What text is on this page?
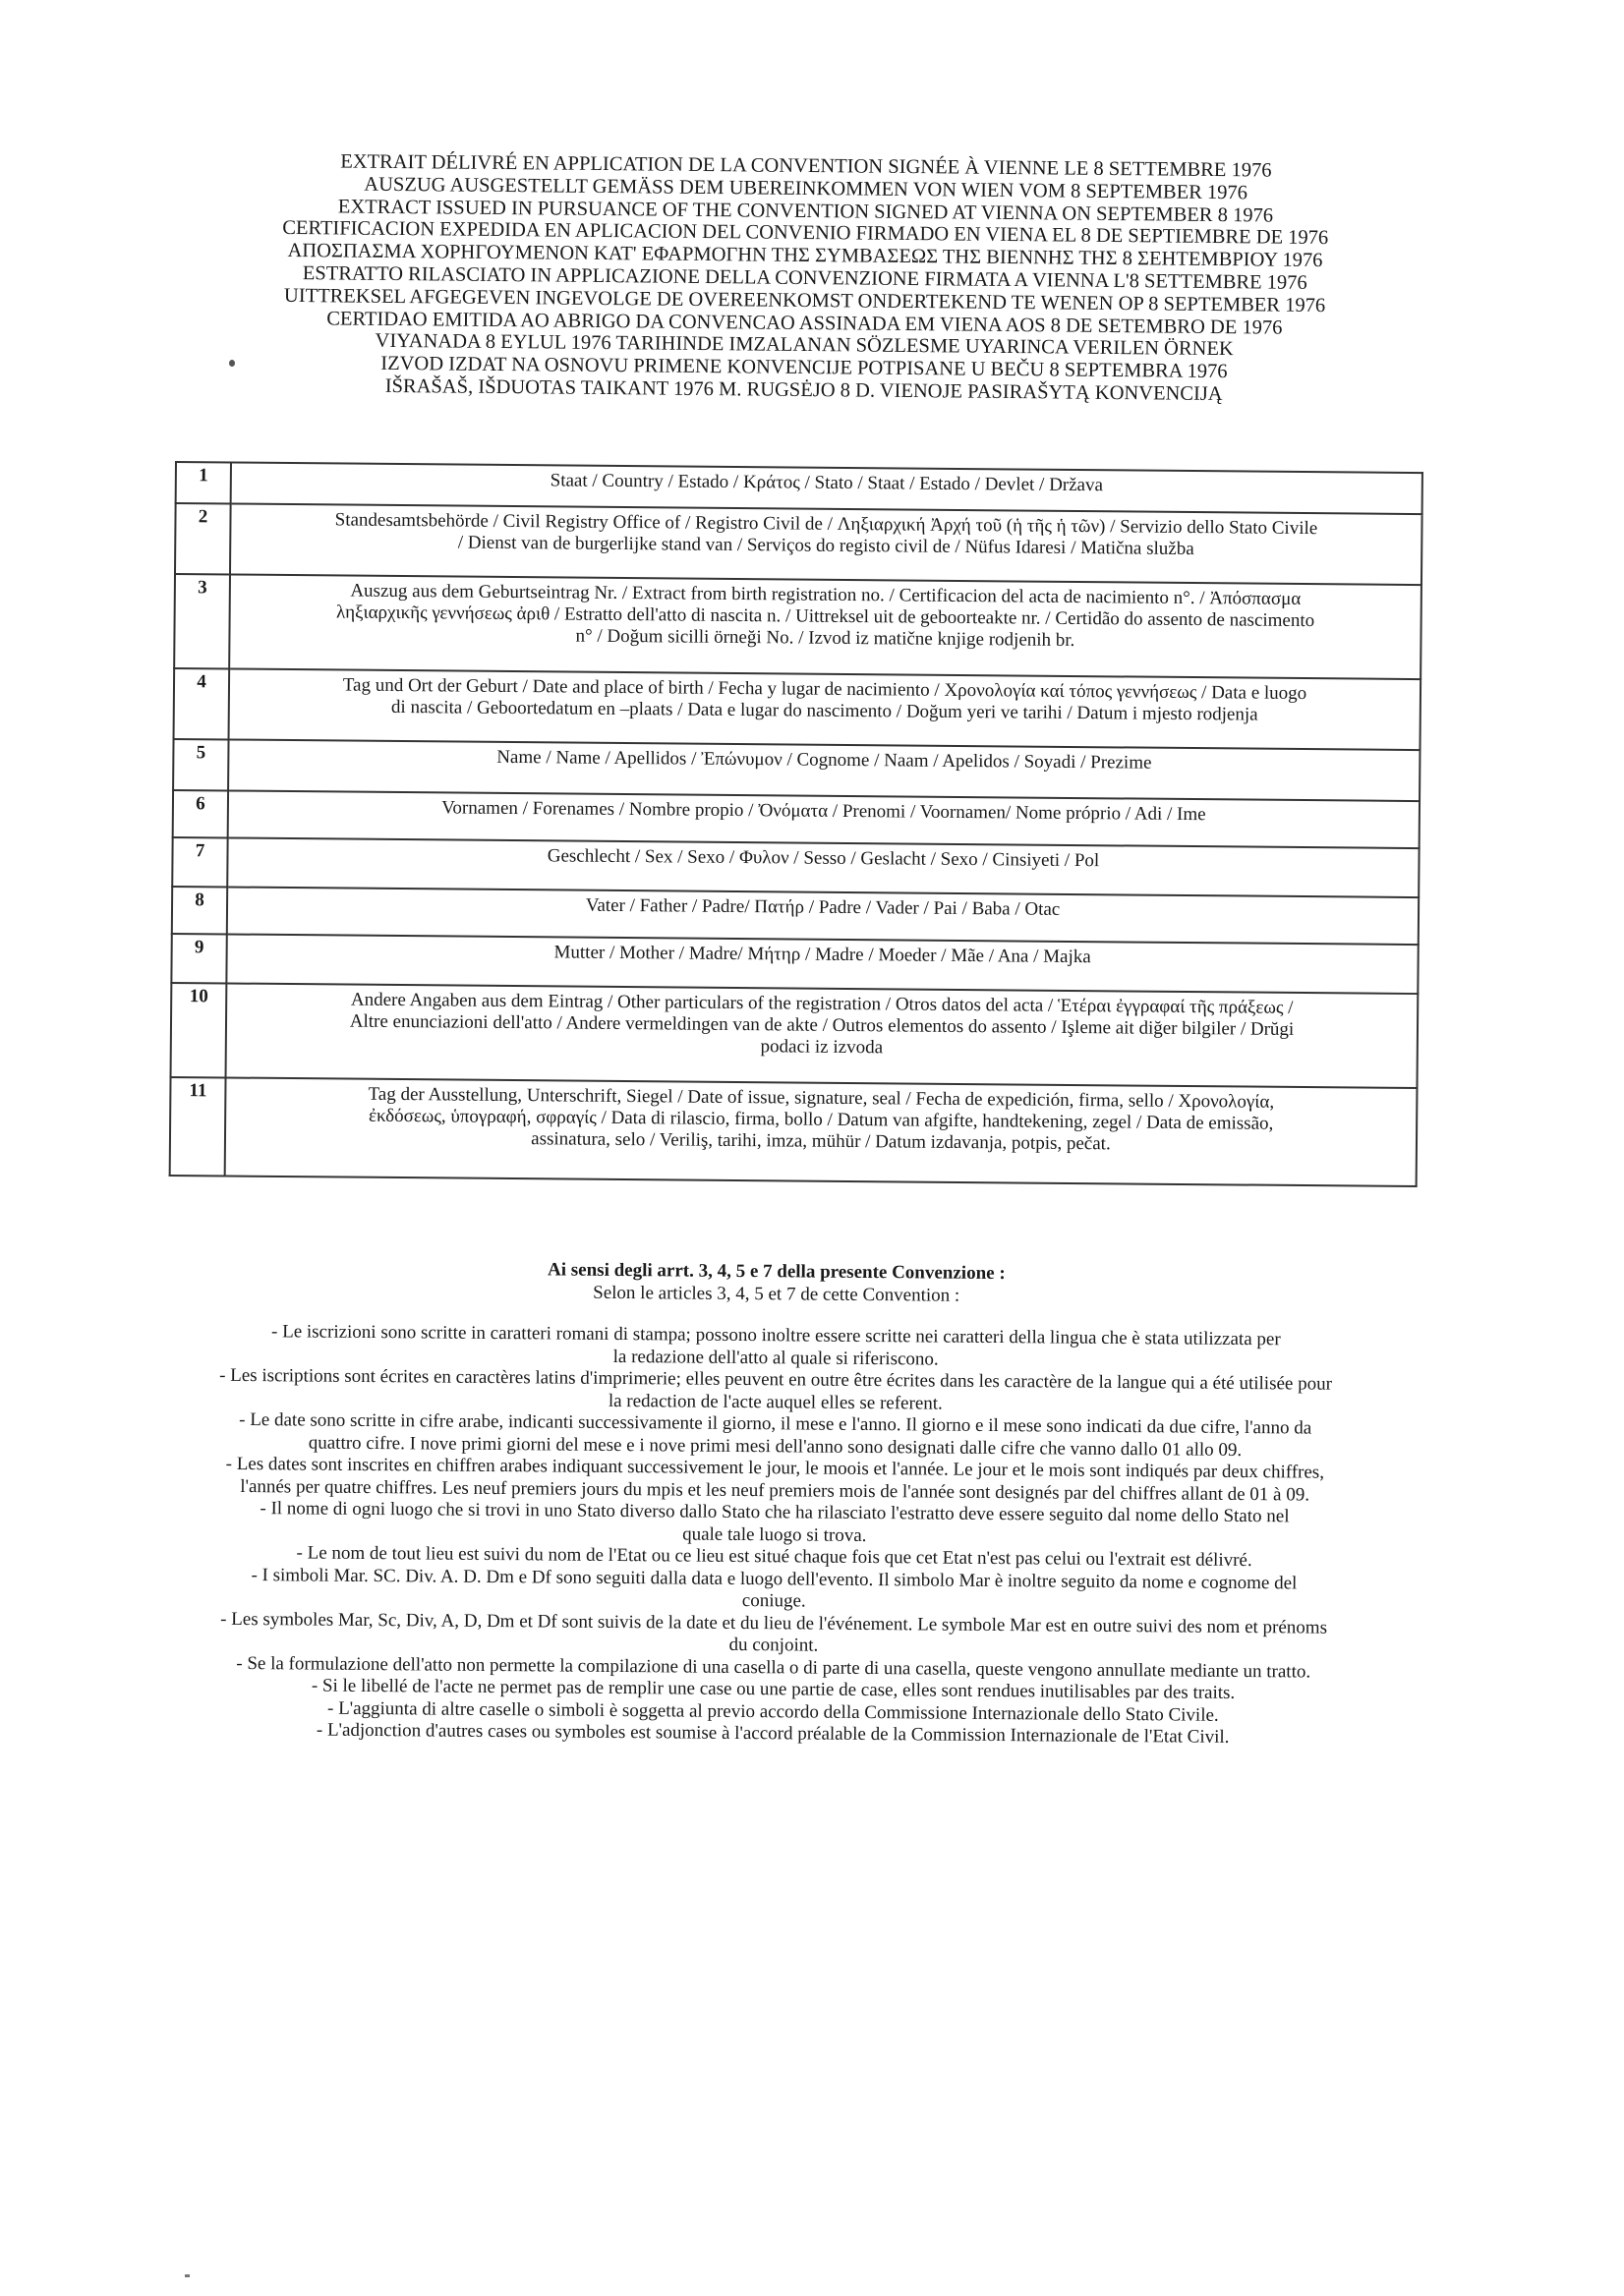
EXTRAIT DÉLIVRÉ EN APPLICATION DE LA CONVENTION SIGNÉE À VIENNE LE 8 SETTEMBRE 1976
AUSZUG AUSGESTELLT GEMÄSS DEM UBEREINKOMMEN VON WIEN VOM 8 SEPTEMBER 1976
EXTRACT ISSUED IN PURSUANCE OF THE CONVENTION SIGNED AT VIENNA ON SEPTEMBER 8 1976
CERTIFICACION EXPEDIDA EN APLICACION DEL CONVENIO FIRMADO EN VIENA EL 8 DE SEPTIEMBRE DE 1976
ΑΠΟΣΠΑΣΜΑ ΧΟΡΗΓΟΥΜΕΝΟΝ ΚΑΤ' ΕΦΑΡΜΟΓΗΝ ΤΗΣ ΣΥΜΒΑΣΕΩΣ ΤΗΣ ΒΙΕΝΝΗΣ ΤΗΣ 8 ΣΕΗΤΕΜΒΡΙΟΥ 1976
ESTRATTO RILASCIATO IN APPLICAZIONE DELLA CONVENZIONE FIRMATA A VIENNA L'8 SETTEMBRE 1976
UITTREKSEL AFGEGEVEN INGEVOLGE DE OVEREENKOMST ONDERTEKEND TE WENEN OP 8 SEPTEMBER 1976
CERTIDAO EMITIDA AO ABRIGO DA CONVENCAO ASSINADA EM VIENA AOS 8 DE SETEMBRO DE 1976
VIYANADA 8 EYLUL 1976 TARIHINDE IMZALANAN SÖZLESME UYARINCA VERILEN ÖRNEK
IZVOD IZDAT NA OSNOVU PRIMENE KONVENCIJE POTPISANE U BEČU 8 SEPTEMBRA 1976
IŠRAŠAŠ, IŠDUOTAS TAIKANT 1976 M. RUGSĖJO 8 D. VIENOJE PASIRAŠYTĄ KONVENCIJĄ
1	Staat / Country / Estado / Κράτος / Stato / Staat / Estado / Devlet / Država

2	Standesamtsbehörde / Civil Registry Office of / Registro Civil de / Ληξιαρχική Ἀρχή τοῦ (ἡ τῆς ἡ τῶν) / Servizio dello Stato Civile
/ Dienst van de burgerlijke stand van / Serviços do registo civil de / Nüfus Idaresi / Matična služba

3	Auszug aus dem Geburtseintrag Nr. / Extract from birth registration no. / Certificacion del acta de nacimiento n°. / Ἀπόσπασμα
ληξιαρχικῆς γεννήσεως ἀριθ / Estratto dell'atto di nascita n. / Uittreksel uit de geboorteakte nr. / Certidão do assento de nascimento
n° / Doğum sicilli örneği No. / Izvod iz matične knjige rodjenih br.

4	Tag und Ort der Geburt / Date and place of birth / Fecha y lugar de nacimiento / Χρονολογία καί τόπος γεννήσεως / Data e luogo
di nascita / Geboortedatum en –plaats / Data e lugar do nascimento / Doğum yeri ve tarihi / Datum i mjesto rodjenja

5	Name / Name / Apellidos / Ἐπώνυμον / Cognome / Naam / Apelidos / Soyadi / Prezime

6	Vornamen / Forenames / Nombre propio / Ὀνόματα / Prenomi / Voornamen/ Nome próprio / Adi / Ime

7	Geschlecht / Sex / Sexo / Φυλον / Sesso / Geslacht / Sexo / Cinsiyeti / Pol

8	Vater / Father / Padre/ Πατήρ / Padre / Vader / Pai / Baba / Otac

9	Mutter / Mother / Madre/ Μήτηρ / Madre / Moeder / Mãe / Ana / Majka

10	Andere Angaben aus dem Eintrag / Other particulars of the registration / Otros datos del acta / Ἑτέραι ἐγγραφαί τῆς πράξεως /
Altre enunciazioni dell'atto / Andere vermeldingen van de akte / Outros elementos do assento / Işleme ait diğer bilgiler / Drŭgi
podaci iz izvoda

11	Tag der Ausstellung, Unterschrift, Siegel / Date of issue, signature, seal / Fecha de expedición, firma, sello / Χρονολογία,
ἐκδόσεως, ὑπογραφή, σφραγίς / Data di rilascio, firma, bollo / Datum van afgifte, handtekening, zegel / Data de emissão,
assinatura, selo / Veriliş, tarihi, imza, mühür / Datum izdavanja, potpis, pečat.
Ai sensi degli arrt. 3, 4, 5 e 7 della presente Convenzione :
Selon le articles 3, 4, 5 et 7 de cette Convention :
- Le iscrizioni sono scritte in caratteri romani di stampa; possono inoltre essere scritte nei caratteri della lingua che è stata utilizzata per
la redazione dell'atto al quale si riferiscono.
- Les iscriptions sont écrites en caractères latins d'imprimerie; elles peuvent en outre être écrites dans les caractère de la langue qui a été utilisée pour
la redaction de l'acte auquel elles se referent.
- Le date sono scritte in cifre arabe, indicanti successivamente il giorno, il mese e l'anno. Il giorno e il mese sono indicati da due cifre, l'anno da
quattro cifre. I nove primi giorni del mese e i nove primi mesi dell'anno sono designati dalle cifre che vanno dallo 01 allo 09.
- Les dates sont inscrites en chiffren arabes indiquant successivement le jour, le moois et l'année. Le jour et le mois sont indiqués par deux chiffres,
l'annés per quatre chiffres. Les neuf premiers jours du mpis et les neuf premiers mois de l'année sont designés par del chiffres allant de 01 à 09.
- Il nome di ogni luogo che si trovi in uno Stato diverso dallo Stato che ha rilasciato l'estratto deve essere seguito dal nome dello Stato nel
quale tale luogo si trova.
- Le nom de tout lieu est suivi du nom de l'Etat ou ce lieu est situé chaque fois que cet Etat n'est pas celui ou l'extrait est délivré.
- I simboli Mar. SC. Div. A. D. Dm e Df sono seguiti dalla data e luogo dell'evento. Il simbolo Mar è inoltre seguito da nome e cognome del
coniuge.
- Les symboles Mar, Sc, Div, A, D, Dm et Df sont suivis de la date et du lieu de l'événement. Le symbole Mar est en outre suivi des nom et prénoms
du conjoint.
- Se la formulazione dell'atto non permette la compilazione di una casella o di parte di una casella, queste vengono annullate mediante un tratto.
- Si le libellé de l'acte ne permet pas de remplir une case ou une partie de case, elles sont rendues inutilisables par des traits.
- L'aggiunta di altre caselle o simboli è soggetta al previo accordo della Commissione Internazionale dello Stato Civile.
- L'adjonction d'autres cases ou symboles est soumise à l'accord préalable de la Commission Internazionale de l'Etat Civil.
